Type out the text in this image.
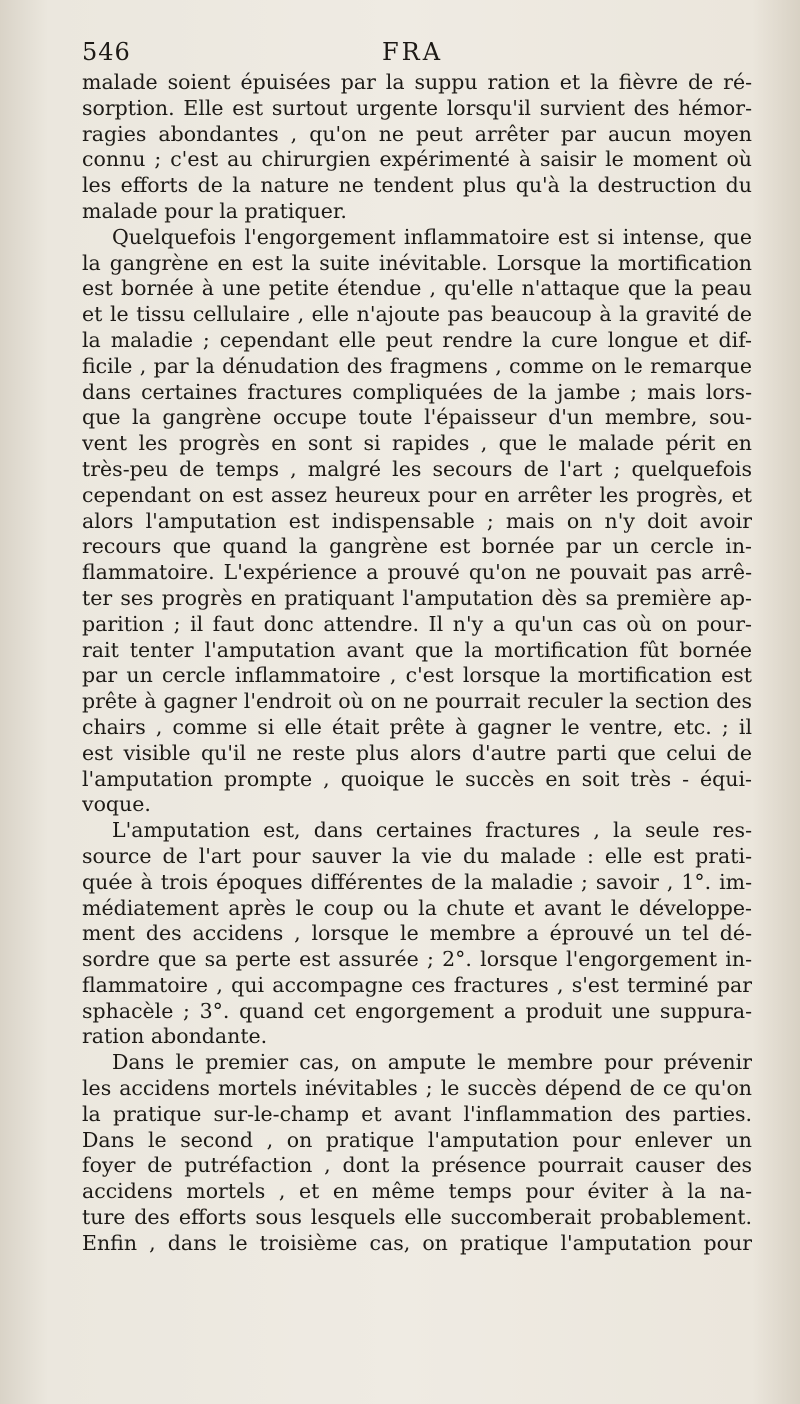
546	FRA

malade soient épuisées par la suppu ration et la fièvre de ré-
sorption. Elle est surtout urgente lorsqu'il survient des hémor-
ragies abondantes , qu'on ne peut arrêter par aucun moyen
connu ; c'est au chirurgien expérimenté à saisir le moment où
les efforts de la nature ne tendent plus qu'à la destruction du
malade pour la pratiquer.

Quelquefois l'engorgement inflammatoire est si intense, que
la gangrène en est la suite inévitable. Lorsque la mortification
est bornée à une petite étendue , qu'elle n'attaque que la peau
et le tissu cellulaire , elle n'ajoute pas beaucoup à la gravité de
la maladie ; cependant elle peut rendre la cure longue et dif-
ficile , par la dénudation des fragmens , comme on le remarque
dans certaines fractures compliquées de la jambe ; mais lors-
que la gangrène occupe toute l'épaisseur d'un membre, sou-
vent les progrès en sont si rapides , que le malade périt en
très-peu de temps , malgré les secours de l'art ; quelquefois
cependant on est assez heureux pour en arrêter les progrès, et
alors l'amputation est indispensable ; mais on n'y doit avoir
recours que quand la gangrène est bornée par un cercle in-
flammatoire. L'expérience a prouvé qu'on ne pouvait pas arrê-
ter ses progrès en pratiquant l'amputation dès sa première ap-
parition ; il faut donc attendre. Il n'y a qu'un cas où on pour-
rait tenter l'amputation avant que la mortification fût bornée
par un cercle inflammatoire , c'est lorsque la mortification est
prête à gagner l'endroit où on ne pourrait reculer la section des
chairs , comme si elle était prête à gagner le ventre, etc. ; il
est visible qu'il ne reste plus alors d'autre parti que celui de
l'amputation prompte , quoique le succès en soit très - équi-
voque.

L'amputation est, dans certaines fractures , la seule res-
source de l'art pour sauver la vie du malade : elle est prati-
quée à trois époques différentes de la maladie ; savoir , 1°. im-
médiatement après le coup ou la chute et avant le développe-
ment des accidens , lorsque le membre a éprouvé un tel dé-
sordre que sa perte est assurée ; 2°. lorsque l'engorgement in-
flammatoire , qui accompagne ces fractures , s'est terminé par
sphacèle ; 3°. quand cet engorgement a produit une suppura-
ration abondante.

Dans le premier cas, on ampute le membre pour prévenir
les accidens mortels inévitables ; le succès dépend de ce qu'on
la pratique sur-le-champ et avant l'inflammation des parties.
Dans le second , on pratique l'amputation pour enlever un
foyer de putréfaction , dont la présence pourrait causer des
accidens mortels , et en même temps pour éviter à la na-
ture des efforts sous lesquels elle succomberait probablement.
Enfin , dans le troisième cas, on pratique l'amputation pour
